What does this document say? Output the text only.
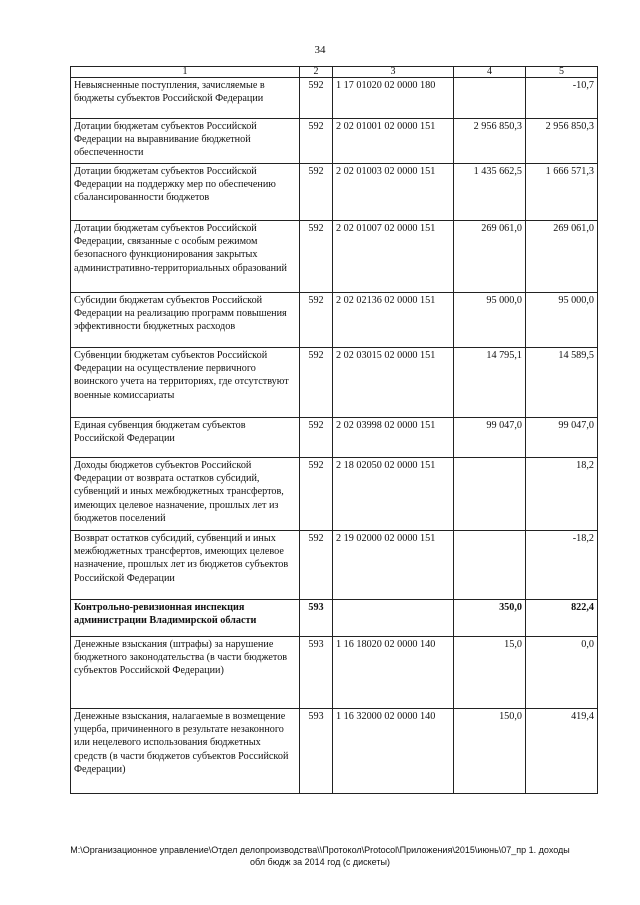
34
1	2	3	4	5
Невыясненные поступления, зачисляемые в бюджеты субъектов Российской Федерации	592	1 17 01020 02 0000 180		-10,7
Дотации бюджетам субъектов Российской Федерации на выравнивание бюджетной обеспеченности	592	2 02 01001 02 0000 151	2 956 850,3	2 956 850,3
Дотации бюджетам субъектов Российской Федерации на поддержку мер по обеспечению сбалансированности бюджетов	592	2 02 01003 02 0000 151	1 435 662,5	1 666 571,3
Дотации бюджетам субъектов Российской Федерации, связанные с особым режимом безопасного функционирования закрытых административно-территориальных образований	592	2 02 01007 02 0000 151	269 061,0	269 061,0
Субсидии бюджетам субъектов Российской Федерации на реализацию программ повышения эффективности бюджетных расходов	592	2 02 02136 02 0000 151	95 000,0	95 000,0
Субвенции бюджетам субъектов Российской Федерации на осуществление первичного воинского учета на территориях, где отсутствуют военные комиссариаты	592	2 02 03015 02 0000 151	14 795,1	14 589,5
Единая субвенция бюджетам субъектов Российской Федерации	592	2 02 03998 02 0000 151	99 047,0	99 047,0
Доходы бюджетов субъектов Российской Федерации от возврата остатков субсидий, субвенций и иных межбюджетных трансфертов, имеющих целевое назначение, прошлых лет из бюджетов поселений	592	2 18 02050 02 0000 151		18,2
Возврат остатков субсидий, субвенций и иных межбюджетных трансфертов, имеющих целевое назначение, прошлых лет из бюджетов субъектов Российской Федерации	592	2 19 02000 02 0000 151		-18,2
Контрольно-ревизионная инспекция администрации Владимирской области	593		350,0	822,4
Денежные взыскания (штрафы) за нарушение бюджетного законодательства (в части бюджетов субъектов Российской Федерации)	593	1 16 18020 02 0000 140	15,0	0,0
Денежные взыскания, налагаемые в возмещение ущерба, причиненного в результате незаконного или нецелевого использования бюджетных средств (в части бюджетов субъектов Российской Федерации)	593	1 16 32000 02 0000 140	150,0	419,4
M:\Организационное управление\Отдел делопроизводства\\Протокол\Protocol\Приложения\2015\июнь\07_пр 1. доходы
обл бюдж за 2014 год (с дискеты)
